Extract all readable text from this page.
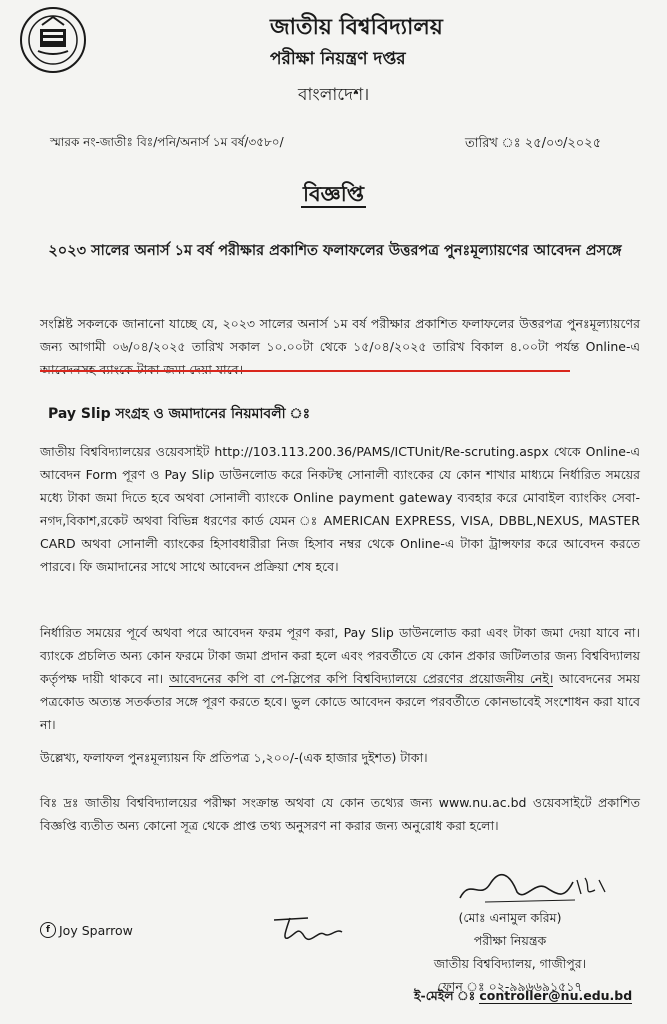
জাতীয় বিশ্ববিদ্যালয়
পরীক্ষা নিয়ন্ত্রণ দপ্তর
বাংলাদেশ।
স্মারক নং-জাতীঃ বিঃ/পনি/অনার্স ১ম বর্ষ/৩৫৮০/	তারিখ ঃ ২৫/০৩/২০২৫
বিজ্ঞপ্তি
২০২৩ সালের অনার্স ১ম বর্ষ পরীক্ষার প্রকাশিত ফলাফলের উত্তরপত্র পুনঃমূল্যায়ণের আবেদন প্রসঙ্গে
সংশ্লিষ্ট সকলকে জানানো যাচ্ছে যে, ২০২৩ সালের অনার্স ১ম বর্ষ পরীক্ষার প্রকাশিত ফলাফলের উত্তরপত্র পুনঃমূল্যায়ণের জন্য আগামী ০৬/০৪/২০২৫ তারিখ সকাল ১০.০০টা থেকে ১৫/০৪/২০২৫ তারিখ বিকাল ৪.০০টা পর্যন্ত Online-এ
Pay Slip সংগ্রহ ও জমাদানের নিয়মাবলী ঃ
জাতীয় বিশ্ববিদ্যালয়ের ওয়েবসাইট http://103.113.200.36/PAMS/ICTUnit/Re-scruting.aspx থেকে Online-এ আবেদন Form পূরণ ও Pay Slip ডাউনলোড করে নিকটস্থ সোনালী ব্যাংকের যে কোন শাখার মাধ্যমে নির্ধারিত সময়ের মধ্যে টাকা জমা দিতে হবে অথবা সোনালী ব্যাংকে Online payment gateway ব্যবহার করে মোবাইল ব্যাংকিং সেবা-নগদ,বিকাশ,রকেট অথবা বিভিন্ন ধরণের কার্ড যেমন ঃ AMERICAN EXPRESS, VISA, DBBL,NEXUS, MASTER CARD অথবা সোনালী ব্যাংকের হিসাবধারীরা নিজ হিসাব নম্বর থেকে Online-এ টাকা ট্রান্সফার করে আবেদন করতে পারবে। ফি জমাদানের সাথে সাথে আবেদন প্রক্রিয়া শেষ হবে।
নির্ধারিত সময়ের পূর্বে অথবা পরে আবেদন ফরম পূরণ করা, Pay Slip ডাউনলোড করা এবং টাকা জমা দেয়া যাবে না। ব্যাংকে প্রচলিত অন্য কোন ফরমে টাকা জমা প্রদান করা হলে এবং পরবর্তীতে যে কোন প্রকার জটিলতার জন্য বিশ্ববিদ্যালয় কর্তৃপক্ষ দায়ী থাকবে না। আবেদনের কপি বা পে-স্লিপের কপি বিশ্ববিদ্যালয়ে প্রেরণের প্রয়োজনীয় নেই। আবেদনের সময় পত্রকোড অত্যন্ত সতর্কতার সঙ্গে পূরণ করতে হবে। ভুল কোডে আবেদন করলে পরবর্তীতে কোনভাবেই সংশোধন করা যাবে না।
উল্লেখ্য, ফলাফল পুনঃমূল্যায়ন ফি প্রতিপত্র ১,২০০/-(এক হাজার দুইশত) টাকা।
বিঃ দ্রঃ জাতীয় বিশ্ববিদ্যালয়ের পরীক্ষা সংক্রান্ত অথবা যে কোন তথ্যের জন্য www.nu.ac.bd ওয়েবসাইটে প্রকাশিত বিজ্ঞপ্তি ব্যতীত অন্য কোনো সূত্র থেকে প্রাপ্ত তথ্য অনুসরণ না করার জন্য অনুরোধ করা হলো।
f Joy Sparrow
(মোঃ এনামুল করিম)
পরীক্ষা নিয়ন্ত্রক
জাতীয় বিশ্ববিদ্যালয়, গাজীপুর।
ফোন ঃ ০২-৯৯৬৬৯১৫১৭
ই-মেইল ঃ controller@nu.edu.bd
